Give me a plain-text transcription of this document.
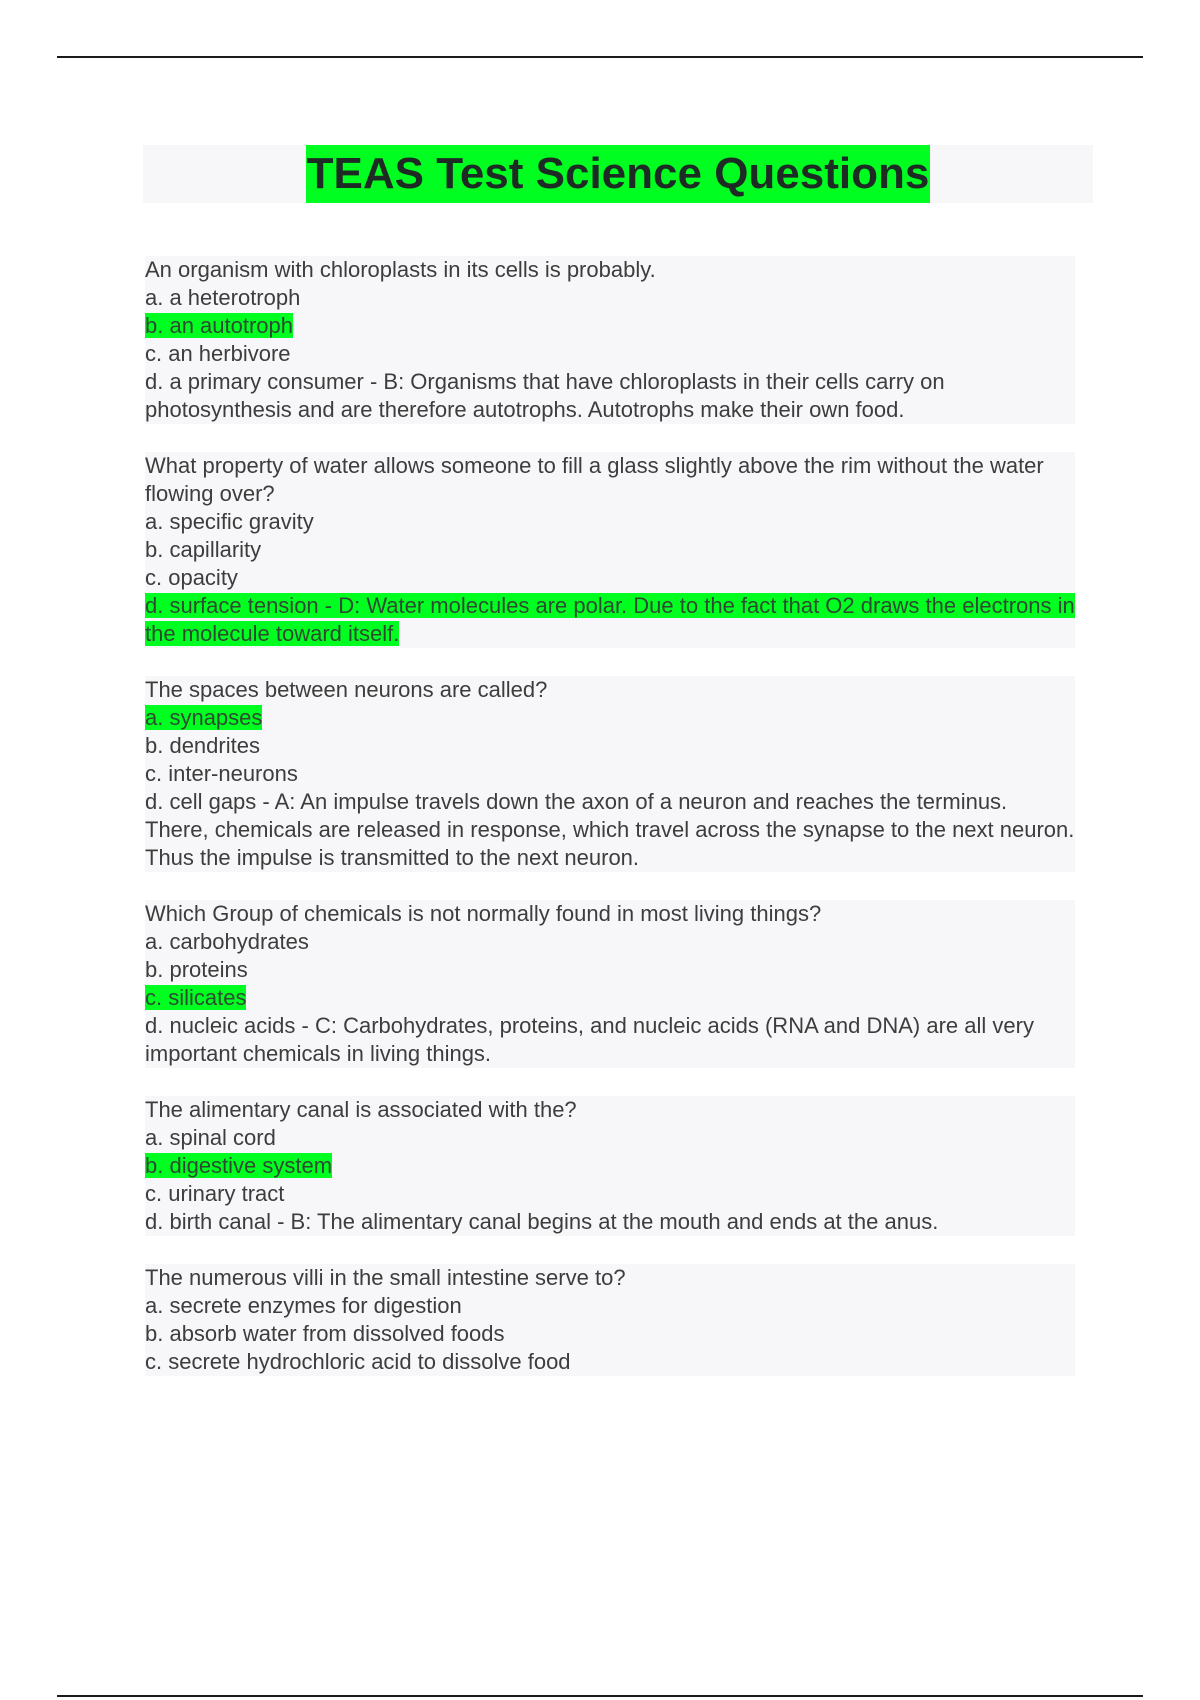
TEAS Test Science Questions

An organism with chloroplasts in its cells is probably.

a. a heterotroph

b. an autotroph

c. an herbivore

d. a primary consumer - B: Organisms that have chloroplasts in their cells carry on photosynthesis and are therefore autotrophs. Autotrophs make their own food.

What property of water allows someone to fill a glass slightly above the rim without the water flowing over?

a. specific gravity

b. capillarity

c. opacity

d. surface tension - D: Water molecules are polar. Due to the fact that O2 draws the electrons in the molecule toward itself.

The spaces between neurons are called?

a. synapses

b. dendrites

c. inter-neurons

d. cell gaps - A: An impulse travels down the axon of a neuron and reaches the terminus. There, chemicals are released in response, which travel across the synapse to the next neuron. Thus the impulse is transmitted to the next neuron.

Which Group of chemicals is not normally found in most living things?

a. carbohydrates

b. proteins

c. silicates

d. nucleic acids - C: Carbohydrates, proteins, and nucleic acids (RNA and DNA) are all very important chemicals in living things.

The alimentary canal is associated with the?

a. spinal cord

b. digestive system

c. urinary tract

d. birth canal - B: The alimentary canal begins at the mouth and ends at the anus.

The numerous villi in the small intestine serve to?

a. secrete enzymes for digestion

b. absorb water from dissolved foods

c. secrete hydrochloric acid to dissolve food
